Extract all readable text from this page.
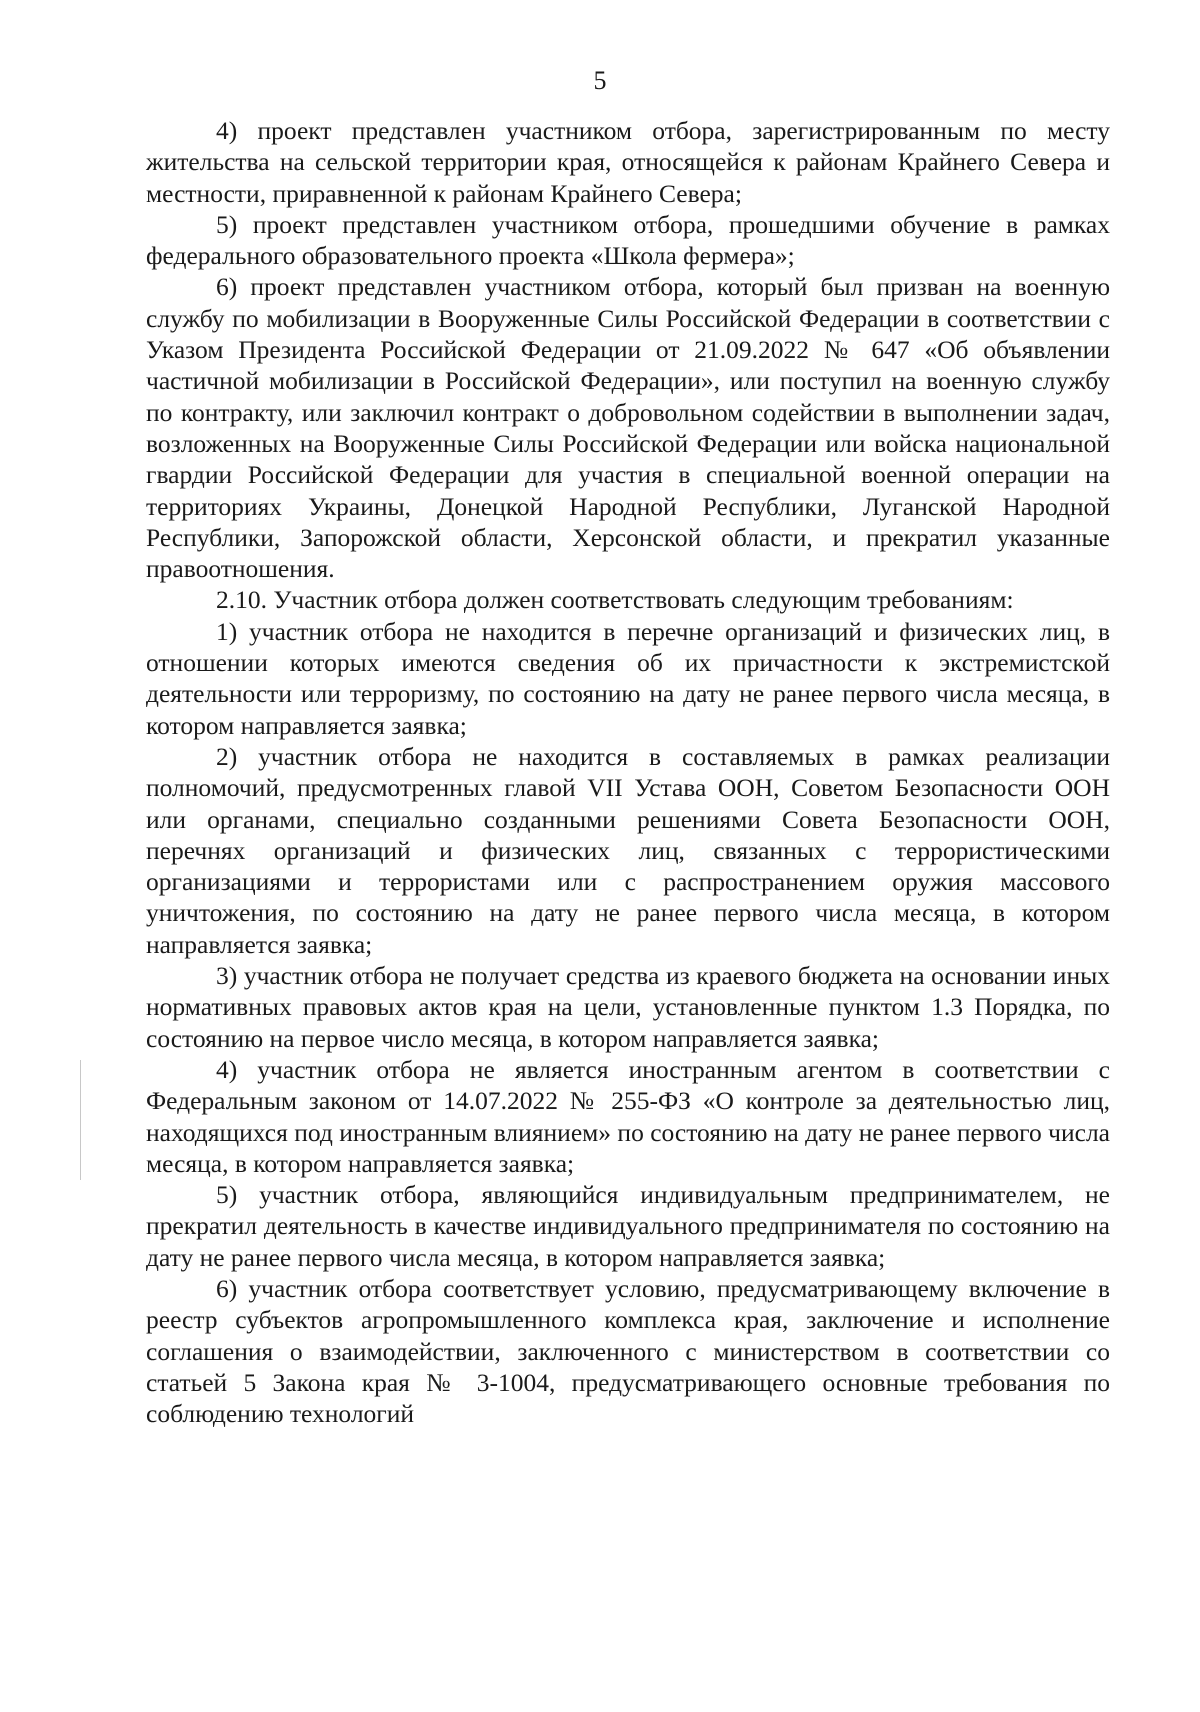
5

4) проект представлен участником отбора, зарегистрированным по месту жительства на сельской территории края, относящейся к районам Крайнего Севера и местности, приравненной к районам Крайнего Севера;

5) проект представлен участником отбора, прошедшими обучение в рамках федерального образовательного проекта «Школа фермера»;

6) проект представлен участником отбора, который был призван на военную службу по мобилизации в Вооруженные Силы Российской Федерации в соответствии с Указом Президента Российской Федерации от 21.09.2022 № 647 «Об объявлении частичной мобилизации в Российской Федерации», или поступил на военную службу по контракту, или заключил контракт о добровольном содействии в выполнении задач, возложенных на Вооруженные Силы Российской Федерации или войска национальной гвардии Российской Федерации для участия в специальной военной операции на территориях Украины, Донецкой Народной Республики, Луганской Народной Республики, Запорожской области, Херсонской области, и прекратил указанные правоотношения.

2.10. Участник отбора должен соответствовать следующим требованиям:

1) участник отбора не находится в перечне организаций и физических лиц, в отношении которых имеются сведения об их причастности к экстремистской деятельности или терроризму, по состоянию на дату не ранее первого числа месяца, в котором направляется заявка;

2) участник отбора не находится в составляемых в рамках реализации полномочий, предусмотренных главой VII Устава ООН, Советом Безопасности ООН или органами, специально созданными решениями Совета Безопасности ООН, перечнях организаций и физических лиц, связанных с террористическими организациями и террористами или с распространением оружия массового уничтожения, по состоянию на дату не ранее первого числа месяца, в котором направляется заявка;

3) участник отбора не получает средства из краевого бюджета на основании иных нормативных правовых актов края на цели, установленные пунктом 1.3 Порядка, по состоянию на первое число месяца, в котором направляется заявка;

4) участник отбора не является иностранным агентом в соответствии с Федеральным законом от 14.07.2022 № 255-ФЗ «О контроле за деятельностью лиц, находящихся под иностранным влиянием» по состоянию на дату не ранее первого числа месяца, в котором направляется заявка;

5) участник отбора, являющийся индивидуальным предпринимателем, не прекратил деятельность в качестве индивидуального предпринимателя по состоянию на дату не ранее первого числа месяца, в котором направляется заявка;

6) участник отбора соответствует условию, предусматривающему включение в реестр субъектов агропромышленного комплекса края, заключение и исполнение соглашения о взаимодействии, заключенного с министерством в соответствии со статьей 5 Закона края № 3-1004, предусматривающего основные требования по соблюдению технологий
